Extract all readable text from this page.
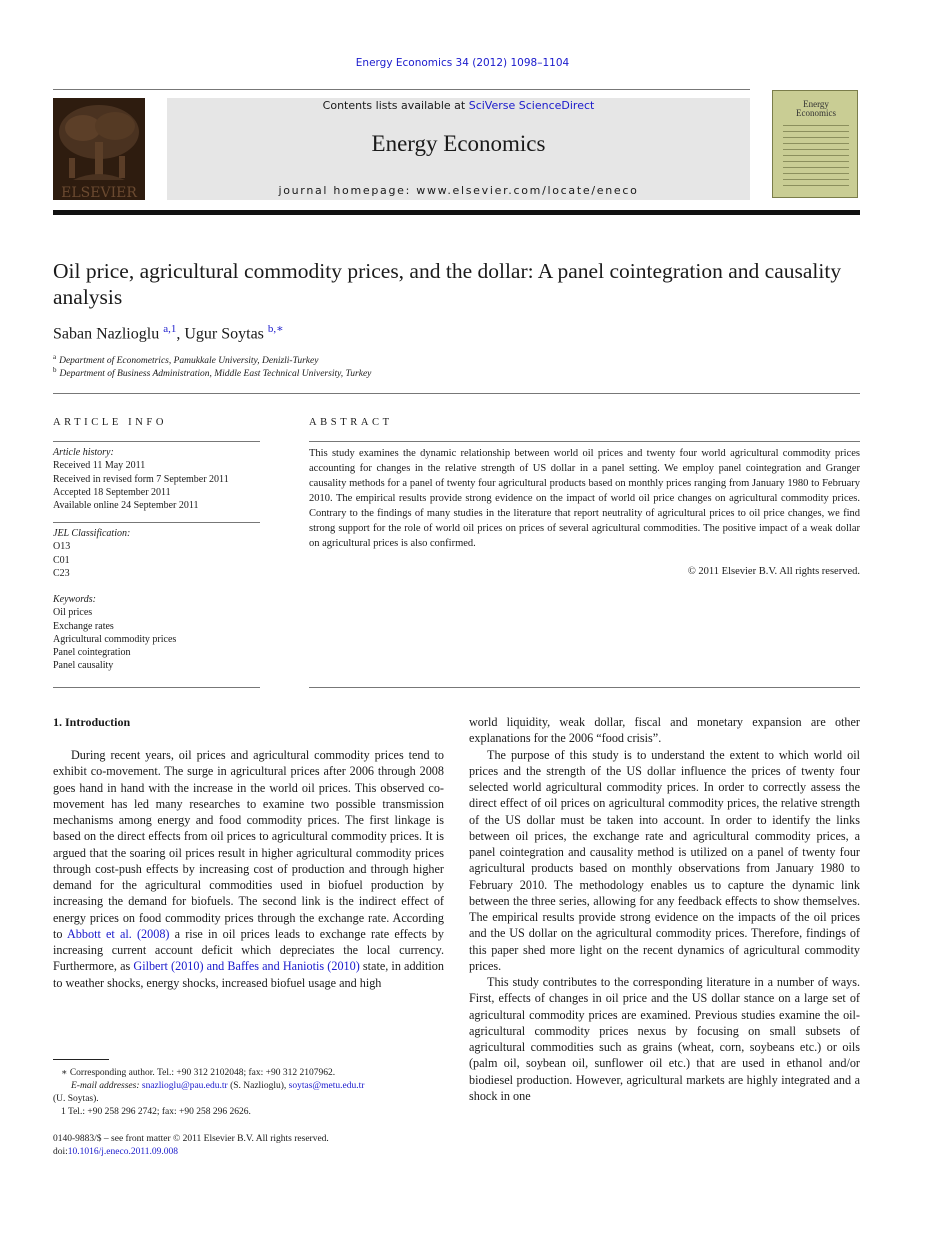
Energy Economics 34 (2012) 1098–1104
ELSEVIER
Contents lists available at SciVerse ScienceDirect
Energy Economics
journal homepage: www.elsevier.com/locate/eneco
Energy
Economics
Oil price, agricultural commodity prices, and the dollar: A panel cointegration and causality analysis
Saban Nazlioglu $^{a,1}$, Ugur Soytas $^{b,∗}$
$^a$ Department of Econometrics, Pamukkale University, Denizli-Turkey
$^b$ Department of Business Administration, Middle East Technical University, Turkey
ARTICLE INFO
Article history:
Received 11 May 2011
Received in revised form 7 September 2011
Accepted 18 September 2011
Available online 24 September 2011
JEL Classification:
O13
C01
C23
Keywords:
Oil prices
Exchange rates
Agricultural commodity prices
Panel cointegration
Panel causality
ABSTRACT
This study examines the dynamic relationship between world oil prices and twenty four world agricultural commodity prices accounting for changes in the relative strength of US dollar in a panel setting. We employ panel cointegration and Granger causality methods for a panel of twenty four agricultural products based on monthly prices ranging from January 1980 to February 2010. The empirical results provide strong evidence on the impact of world oil price changes on agricultural commodity prices. Contrary to the findings of many studies in the literature that report neutrality of agricultural prices to oil price changes, we find strong support for the role of world oil prices on prices of several agricultural commodities. The positive impact of a weak dollar on agricultural prices is also confirmed.
© 2011 Elsevier B.V. All rights reserved.
1. Introduction

During recent years, oil prices and agricultural commodity prices tend to exhibit co-movement. The surge in agricultural prices after 2006 through 2008 goes hand in hand with the increase in the world oil prices. This observed co-movement has led many researches to examine two possible transmission mechanisms among energy and food commodity prices. The first linkage is based on the direct effects from oil prices to agricultural commodity prices. It is argued that the soaring oil prices result in higher agricultural commodity prices through cost-push effects by increasing cost of production and through higher demand for the agricultural commodities used in biofuel production by increasing the demand for biofuels. The second link is the indirect effect of energy prices on food commodity prices through the exchange rate. According to Abbott et al. (2008) a rise in oil prices leads to exchange rate effects by increasing current account deficit which depreciates the local currency. Furthermore, as Gilbert (2010) and Baffes and Haniotis (2010) state, in addition to weather shocks, energy shocks, increased biofuel usage and high

world liquidity, weak dollar, fiscal and monetary expansion are other explanations for the 2006 “food crisis”.

The purpose of this study is to understand the extent to which world oil prices and the strength of the US dollar influence the prices of twenty four selected world agricultural commodity prices. In order to correctly assess the direct effect of oil prices on agricultural commodity prices, the relative strength of the US dollar must be taken into account. In order to identify the links between oil prices, the exchange rate and agricultural commodity prices, a panel cointegration and causality method is utilized on a panel of twenty four agricultural products based on monthly observations from January 1980 to February 2010. The methodology enables us to capture the dynamic link between the three series, allowing for any feedback effects to show themselves. The empirical results provide strong evidence on the impacts of the oil prices and the US dollar on the agricultural commodity prices. Therefore, findings of this paper shed more light on the recent dynamics of agricultural commodity prices.

This study contributes to the corresponding literature in a number of ways. First, effects of changes in oil price and the US dollar stance on a large set of agricultural commodity prices are examined. Previous studies examine the oil-agricultural commodity prices nexus by focusing on small subsets of agricultural commodities such as grains (wheat, corn, soybeans etc.) or oils (palm oil, soybean oil, sunflower oil etc.) that are used in ethanol and/or biodiesel production. However, agricultural markets are highly integrated and a shock in one

∗ Corresponding author. Tel.: +90 312 2102048; fax: +90 312 2107962.
E-mail addresses: snazlioglu@pau.edu.tr (S. Nazlioglu), soytas@metu.edu.tr
(U. Soytas).
1 Tel.: +90 258 296 2742; fax: +90 258 296 2626.
0140-9883/$ – see front matter © 2011 Elsevier B.V. All rights reserved.
doi:10.1016/j.eneco.2011.09.008
